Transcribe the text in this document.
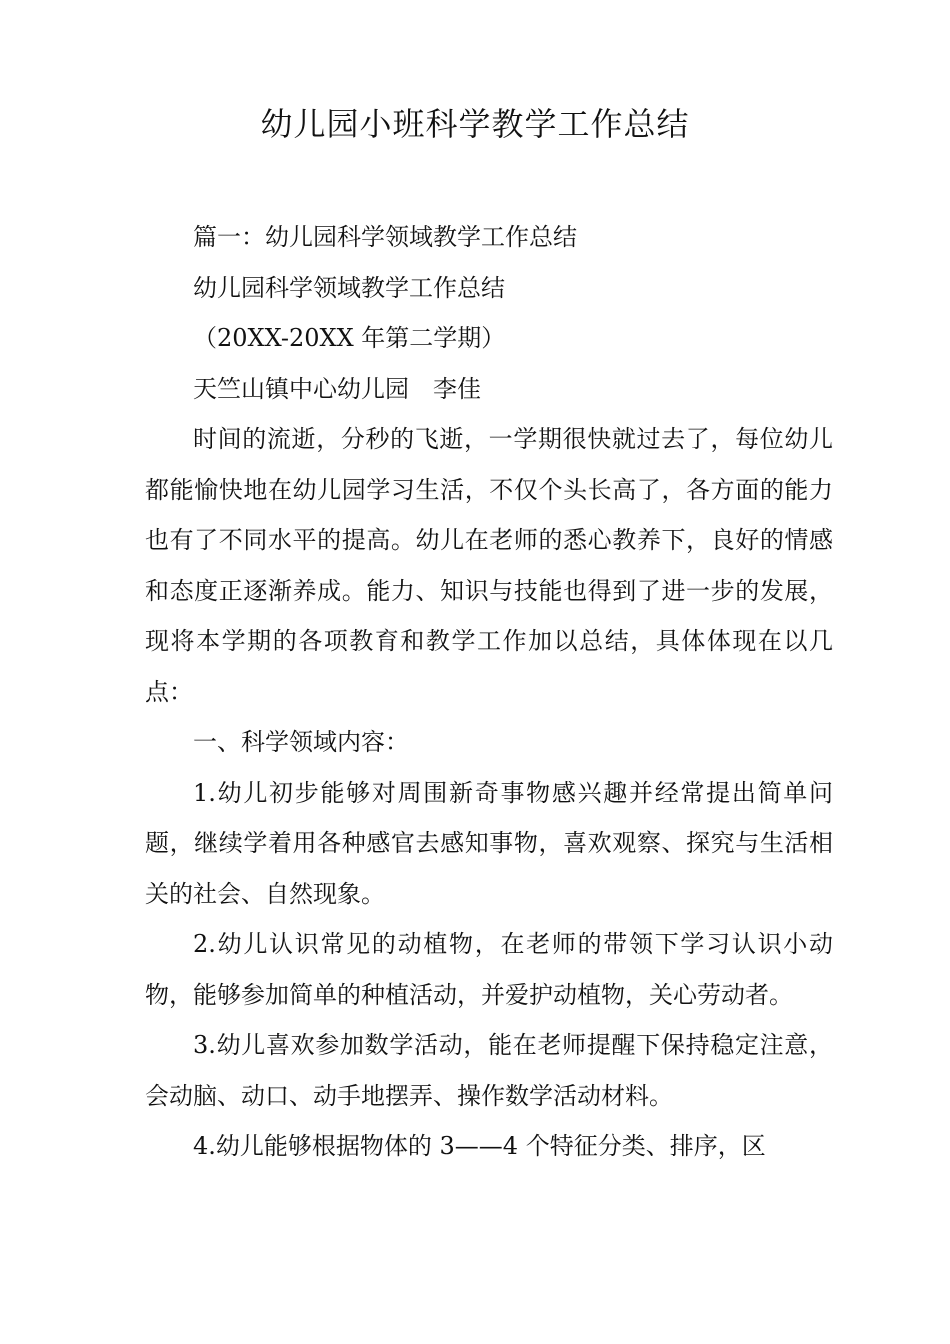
幼儿园小班科学教学工作总结

篇一：幼儿园科学领域教学工作总结

幼儿园科学领域教学工作总结

（20XX-20XX 年第二学期）

天竺山镇中心幼儿园　李佳

时间的流逝，分秒的飞逝，一学期很快就过去了，每位幼儿都能愉快地在幼儿园学习生活，不仅个头长高了，各方面的能力也有了不同水平的提高。幼儿在老师的悉心教养下，良好的情感和态度正逐渐养成。能力、知识与技能也得到了进一步的发展，现将本学期的各项教育和教学工作加以总结，具体体现在以几点：

一、科学领域内容：

1.幼儿初步能够对周围新奇事物感兴趣并经常提出简单问题，继续学着用各种感官去感知事物，喜欢观察、探究与生活相关的社会、自然现象。

2.幼儿认识常见的动植物，在老师的带领下学习认识小动物，能够参加简单的种植活动，并爱护动植物，关心劳动者。

3.幼儿喜欢参加数学活动，能在老师提醒下保持稳定注意，会动脑、动口、动手地摆弄、操作数学活动材料。

4.幼儿能够根据物体的 3——4 个特征分类、排序，区
